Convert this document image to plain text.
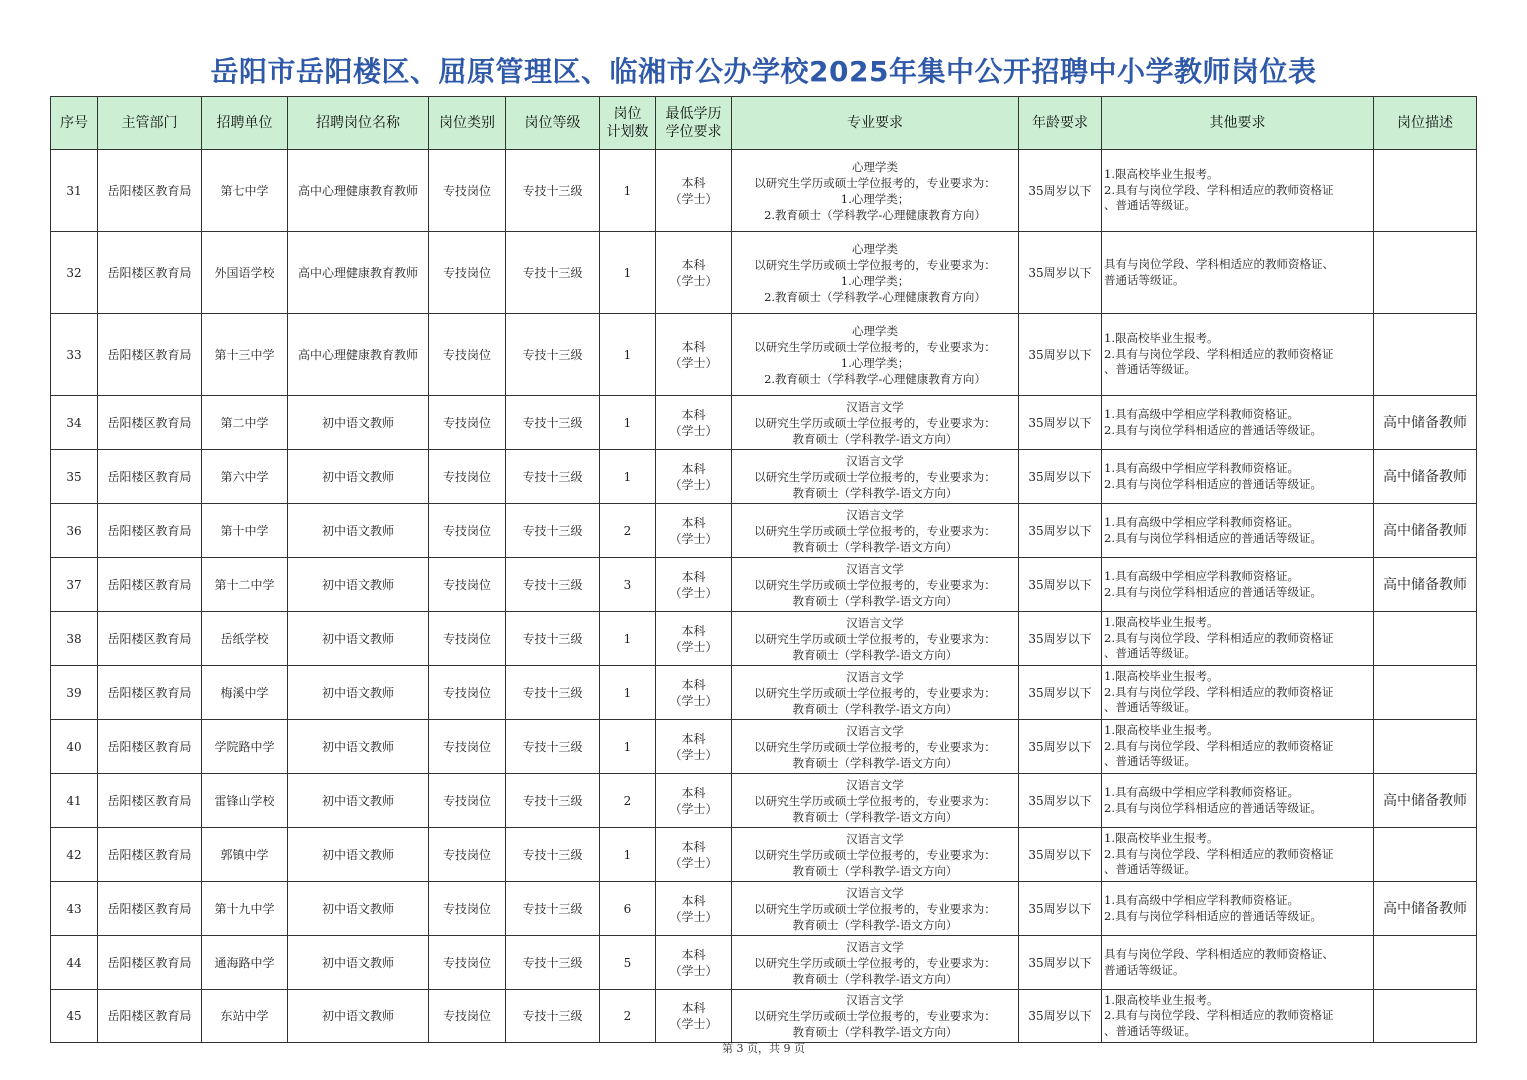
岳阳市岳阳楼区、屈原管理区、临湘市公办学校2025年集中公开招聘中小学教师岗位表
序号	主管部门	招聘单位	招聘岗位名称	岗位类别	岗位等级	岗位
计划数	最低学历
学位要求	专业要求	年龄要求	其他要求	岗位描述

31	岳阳楼区教育局	第七中学	高中心理健康教育教师	专技岗位	专技十三级	1	本科
（学士）	心理学类
以研究生学历或硕士学位报考的，专业要求为：
1.心理学类；
2.教育硕士（学科教学-心理健康教育方向）	35周岁以下	1.限高校毕业生报考。
2.具有与岗位学段、学科相适应的教师资格证
、普通话等级证。	

32	岳阳楼区教育局	外国语学校	高中心理健康教育教师	专技岗位	专技十三级	1	本科
（学士）	心理学类
以研究生学历或硕士学位报考的，专业要求为：
1.心理学类；
2.教育硕士（学科教学-心理健康教育方向）	35周岁以下	具有与岗位学段、学科相适应的教师资格证、
普通话等级证。	

33	岳阳楼区教育局	第十三中学	高中心理健康教育教师	专技岗位	专技十三级	1	本科
（学士）	心理学类
以研究生学历或硕士学位报考的，专业要求为：
1.心理学类；
2.教育硕士（学科教学-心理健康教育方向）	35周岁以下	1.限高校毕业生报考。
2.具有与岗位学段、学科相适应的教师资格证
、普通话等级证。	

34	岳阳楼区教育局	第二中学	初中语文教师	专技岗位	专技十三级	1	本科
（学士）	汉语言文学
以研究生学历或硕士学位报考的，专业要求为：
教育硕士（学科教学-语文方向）	35周岁以下	1.具有高级中学相应学科教师资格证。
2.具有与岗位学科相适应的普通话等级证。	高中储备教师

35	岳阳楼区教育局	第六中学	初中语文教师	专技岗位	专技十三级	1	本科
（学士）	汉语言文学
以研究生学历或硕士学位报考的，专业要求为：
教育硕士（学科教学-语文方向）	35周岁以下	1.具有高级中学相应学科教师资格证。
2.具有与岗位学科相适应的普通话等级证。	高中储备教师

36	岳阳楼区教育局	第十中学	初中语文教师	专技岗位	专技十三级	2	本科
（学士）	汉语言文学
以研究生学历或硕士学位报考的，专业要求为：
教育硕士（学科教学-语文方向）	35周岁以下	1.具有高级中学相应学科教师资格证。
2.具有与岗位学科相适应的普通话等级证。	高中储备教师

37	岳阳楼区教育局	第十二中学	初中语文教师	专技岗位	专技十三级	3	本科
（学士）	汉语言文学
以研究生学历或硕士学位报考的，专业要求为：
教育硕士（学科教学-语文方向）	35周岁以下	1.具有高级中学相应学科教师资格证。
2.具有与岗位学科相适应的普通话等级证。	高中储备教师

38	岳阳楼区教育局	岳纸学校	初中语文教师	专技岗位	专技十三级	1	本科
（学士）	汉语言文学
以研究生学历或硕士学位报考的，专业要求为：
教育硕士（学科教学-语文方向）	35周岁以下	1.限高校毕业生报考。
2.具有与岗位学段、学科相适应的教师资格证
、普通话等级证。	

39	岳阳楼区教育局	梅溪中学	初中语文教师	专技岗位	专技十三级	1	本科
（学士）	汉语言文学
以研究生学历或硕士学位报考的，专业要求为：
教育硕士（学科教学-语文方向）	35周岁以下	1.限高校毕业生报考。
2.具有与岗位学段、学科相适应的教师资格证
、普通话等级证。	

40	岳阳楼区教育局	学院路中学	初中语文教师	专技岗位	专技十三级	1	本科
（学士）	汉语言文学
以研究生学历或硕士学位报考的，专业要求为：
教育硕士（学科教学-语文方向）	35周岁以下	1.限高校毕业生报考。
2.具有与岗位学段、学科相适应的教师资格证
、普通话等级证。	

41	岳阳楼区教育局	雷锋山学校	初中语文教师	专技岗位	专技十三级	2	本科
（学士）	汉语言文学
以研究生学历或硕士学位报考的，专业要求为：
教育硕士（学科教学-语文方向）	35周岁以下	1.具有高级中学相应学科教师资格证。
2.具有与岗位学科相适应的普通话等级证。	高中储备教师

42	岳阳楼区教育局	郭镇中学	初中语文教师	专技岗位	专技十三级	1	本科
（学士）	汉语言文学
以研究生学历或硕士学位报考的，专业要求为：
教育硕士（学科教学-语文方向）	35周岁以下	1.限高校毕业生报考。
2.具有与岗位学段、学科相适应的教师资格证
、普通话等级证。	

43	岳阳楼区教育局	第十九中学	初中语文教师	专技岗位	专技十三级	6	本科
（学士）	汉语言文学
以研究生学历或硕士学位报考的，专业要求为：
教育硕士（学科教学-语文方向）	35周岁以下	1.具有高级中学相应学科教师资格证。
2.具有与岗位学科相适应的普通话等级证。	高中储备教师

44	岳阳楼区教育局	通海路中学	初中语文教师	专技岗位	专技十三级	5	本科
（学士）	汉语言文学
以研究生学历或硕士学位报考的，专业要求为：
教育硕士（学科教学-语文方向）	35周岁以下	具有与岗位学段、学科相适应的教师资格证、
普通话等级证。	

45	岳阳楼区教育局	东站中学	初中语文教师	专技岗位	专技十三级	2	本科
（学士）	汉语言文学
以研究生学历或硕士学位报考的，专业要求为：
教育硕士（学科教学-语文方向）	35周岁以下	1.限高校毕业生报考。
2.具有与岗位学段、学科相适应的教师资格证
、普通话等级证。	

第 3 页，共 9 页
